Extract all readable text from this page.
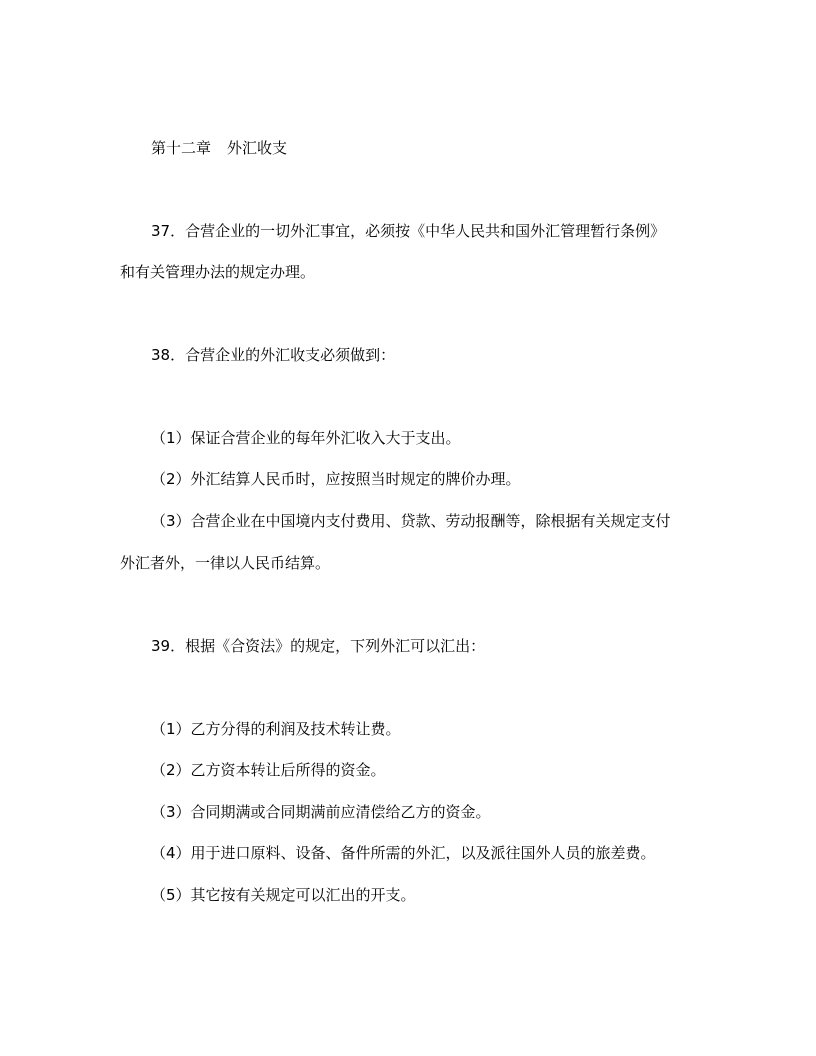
第十二章 外汇收支
37．合营企业的一切外汇事宜，必须按《中华人民共和国外汇管理暂行条例》
和有关管理办法的规定办理。
38．合营企业的外汇收支必须做到：
（1）保证合营企业的每年外汇收入大于支出。
（2）外汇结算人民币时，应按照当时规定的牌价办理。
（3）合营企业在中国境内支付费用、贷款、劳动报酬等，除根据有关规定支付
外汇者外，一律以人民币结算。
39．根据《合资法》的规定，下列外汇可以汇出：
（1）乙方分得的利润及技术转让费。
（2）乙方资本转让后所得的资金。
（3）合同期满或合同期满前应清偿给乙方的资金。
（4）用于进口原料、设备、备件所需的外汇，以及派往国外人员的旅差费。
（5）其它按有关规定可以汇出的开支。
